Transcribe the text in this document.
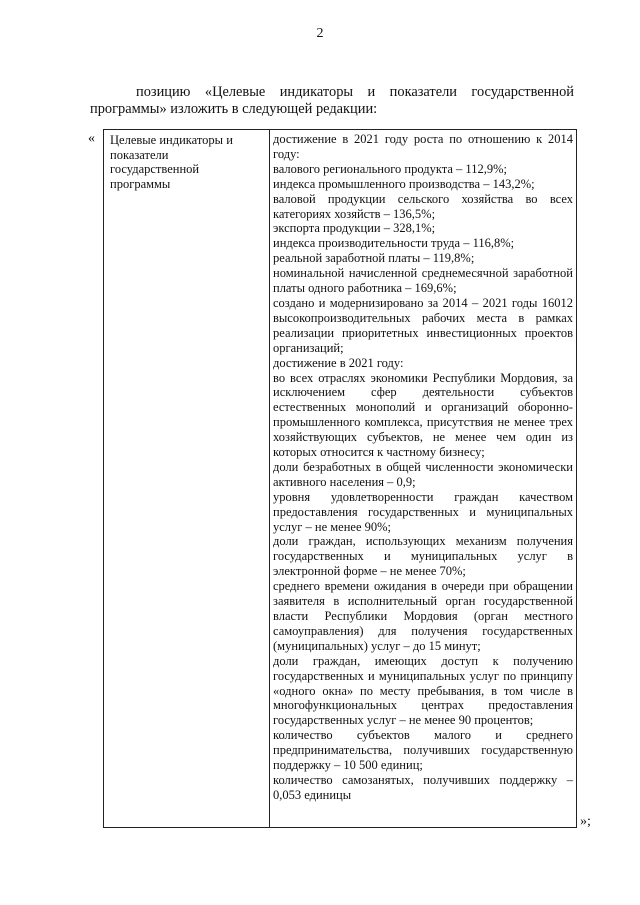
2
позицию «Целевые индикаторы и показатели государственной
программы» изложить в следующей редакции:
« Целевые индикаторы и
показатели
государственной
программы
достижение в 2021 году роста по отношению к 2014 году:
валового регионального продукта – 112,9%;
индекса промышленного производства – 143,2%;
валовой продукции сельского хозяйства во всех категориях хозяйств – 136,5%;
экспорта продукции – 328,1%;
индекса производительности труда – 116,8%;
реальной заработной платы – 119,8%;
номинальной начисленной среднемесячной заработной платы одного работника – 169,6%;
создано и модернизировано за 2014 – 2021 годы 16012 высокопроизводительных рабочих места в рамках реализации приоритетных инвестиционных проектов организаций;
достижение в 2021 году:
во всех отраслях экономики Республики Мордовия, за исключением сфер деятельности субъектов естественных монополий и организаций оборонно-промышленного комплекса, присутствия не менее трех хозяйствующих субъектов, не менее чем один из которых относится к частному бизнесу;
доли безработных в общей численности экономически активного населения – 0,9;
уровня удовлетворенности граждан качеством предоставления государственных и муниципальных услуг – не менее 90%;
доли граждан, использующих механизм получения государственных и муниципальных услуг в электронной форме – не менее 70%;
среднего времени ожидания в очереди при обращении заявителя в исполнительный орган государственной власти Республики Мордовия (орган местного самоуправления) для получения государственных (муниципальных) услуг – до 15 минут;
доли граждан, имеющих доступ к получению государственных и муниципальных услуг по принципу «одного окна» по месту пребывания, в том числе в многофункциональных центрах предоставления государственных услуг – не менее 90 процентов;
количество субъектов малого и среднего предпринимательства, получивших государственную поддержку – 10 500 единиц;
количество самозанятых, получивших поддержку – 0,053 единицы
»;
